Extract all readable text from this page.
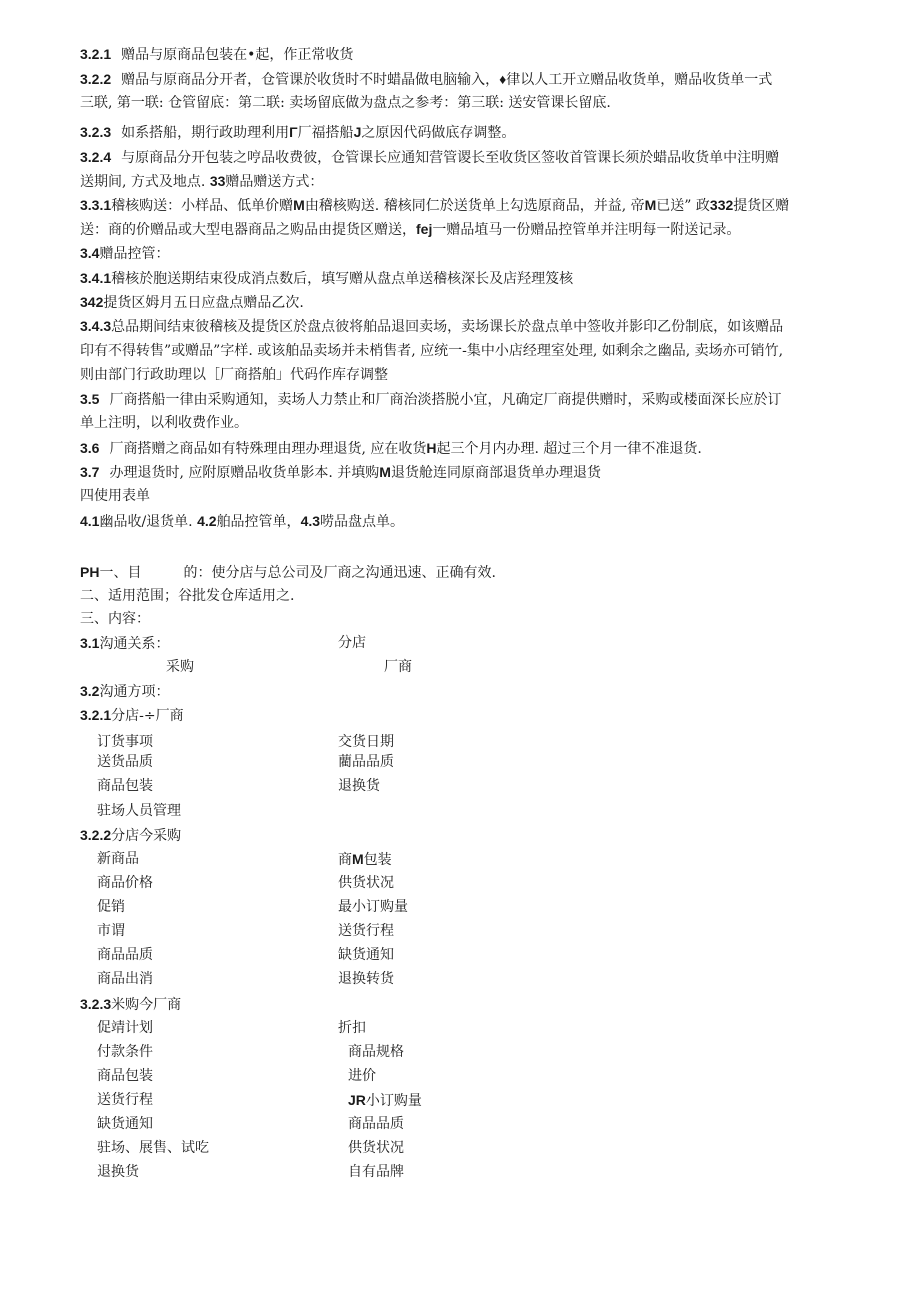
3.2.1 赠品与原商品包装在•起，作正常收货
3.2.2 赠品与原商品分开者，仓管课於收货时不时蜡晶做电脑输入，♦律以人工开立赠品收货单，赠品收货单一式
三联, 第一联: 仓管留底：第二联: 卖场留底做为盘点之参考：第三联: 送安管课长留底.
3.2.3 如系搭船，期行政助理利用Γ厂福搭船J之原因代码做底存调整。
3.2.4 与原商品分开包装之哼品收费彼，仓管课长应通知营管谡长至收货区签收首管课长须於蜡品收货单中注明赠
送期间, 方式及地点. 33赠品赠送方式：
3.3.1稽核购送：小样品、低单价赠M由稽核购送. 稽核同仁於送货单上勾选原商品，并益, 帝M已送” 政332提货区赠
送：商的价赠品或大型电器商品之购品由提货区赠送，fej一赠品埴马一份赠品控管单并注明每一附送记录。
3.4赠品控管：
3.4.1稽核於胞送期结束役成消点数后，填写赠从盘点单送稽核深长及店羟理笈核
342提货区姆月五日应盘点赠品乙次.
3.4.3总品期间结束彼稽核及提货区於盘点彼将舶品退回卖场，卖场课长於盘点单中签收并影印乙份制底，如该赠品
印有不得转售”或赠品”字样. 或该舶品卖场并未梢售者, 应统一-集中小店经理室处理, 如剩余之幽品, 卖场亦可销竹,
则由部门行政助理以［厂商搭舶」代码作库存调整
3.5 厂商搭船一律由采购通知，卖场人力禁止和厂商治淡搭脱小宜，凡确定厂商提供赠时，采购或楼面深长应於订
单上注明，以利收费作业。
3.6 厂商搭赠之商品如有特殊理由理办理退货, 应在收货H起三个月内办理. 超过三个月一律不准退货.
3.7 办理退货时, 应附原赠品收货单影本. 并填购M退货舱连同原商部退货单办理退货
四使用表单
4.1幽品收/退货单. 4.2舶品控管单，4.3唠品盘点单。
PH一、目	的：使分店与总公司及厂商之沟通迅速、正确有效.
二、适用范围；谷批发仓库适用之.
三、内容：
3.1沟通关系：	分店
采购	厂商
3.2沟通方项：
3.2.1分店-÷厂商
订货事项	交货日期
送货品质	藺品品质
商品包装	退换货
驻场人员管理
3.2.2分店今采购
新商品	商M包装
商品价格	供货状况
促销	最小订购量
市谓	送货行程
商品品质	缺货通知
商品出消	退换转货
3.2.3米购今厂商
促靖计划	折扣
付款条件	商品规格
商品包装	进价
送货行程	JR小订购量
缺货通知	商品品质
驻场、展售、试吃	供货状况
退换货	自有品牌
